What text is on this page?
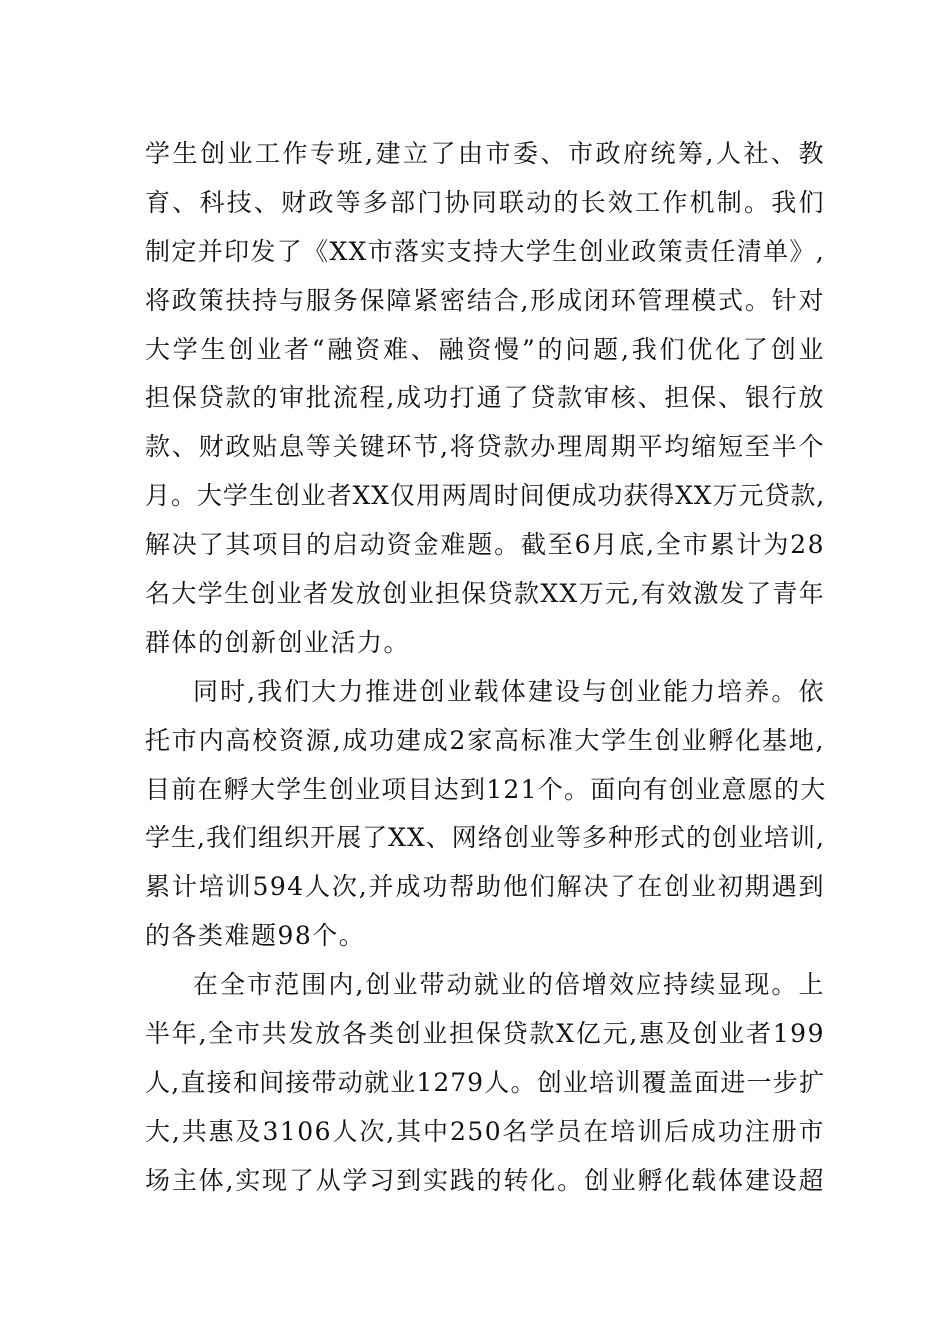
学生创业工作专班,建立了由市委、市政府统筹,人社、教
育、科技、财政等多部门协同联动的长效工作机制。我们
制定并印发了《XX市落实支持大学生创业政策责任清单》,
将政策扶持与服务保障紧密结合,形成闭环管理模式。针对
大学生创业者“融资难、融资慢”的问题,我们优化了创业
担保贷款的审批流程,成功打通了贷款审核、担保、银行放
款、财政贴息等关键环节,将贷款办理周期平均缩短至半个
月。大学生创业者XX仅用两周时间便成功获得XX万元贷款,
解决了其项目的启动资金难题。截至6月底,全市累计为28
名大学生创业者发放创业担保贷款XX万元,有效激发了青年
群体的创新创业活力。
同时,我们大力推进创业载体建设与创业能力培养。依
托市内高校资源,成功建成2家高标准大学生创业孵化基地,
目前在孵大学生创业项目达到121个。面向有创业意愿的大
学生,我们组织开展了XX、网络创业等多种形式的创业培训,
累计培训594人次,并成功帮助他们解决了在创业初期遇到
的各类难题98个。
在全市范围内,创业带动就业的倍增效应持续显现。上
半年,全市共发放各类创业担保贷款X亿元,惠及创业者199
人,直接和间接带动就业1279人。创业培训覆盖面进一步扩
大,共惠及3106人次,其中250名学员在培训后成功注册市
场主体,实现了从学习到实践的转化。创业孵化载体建设超
